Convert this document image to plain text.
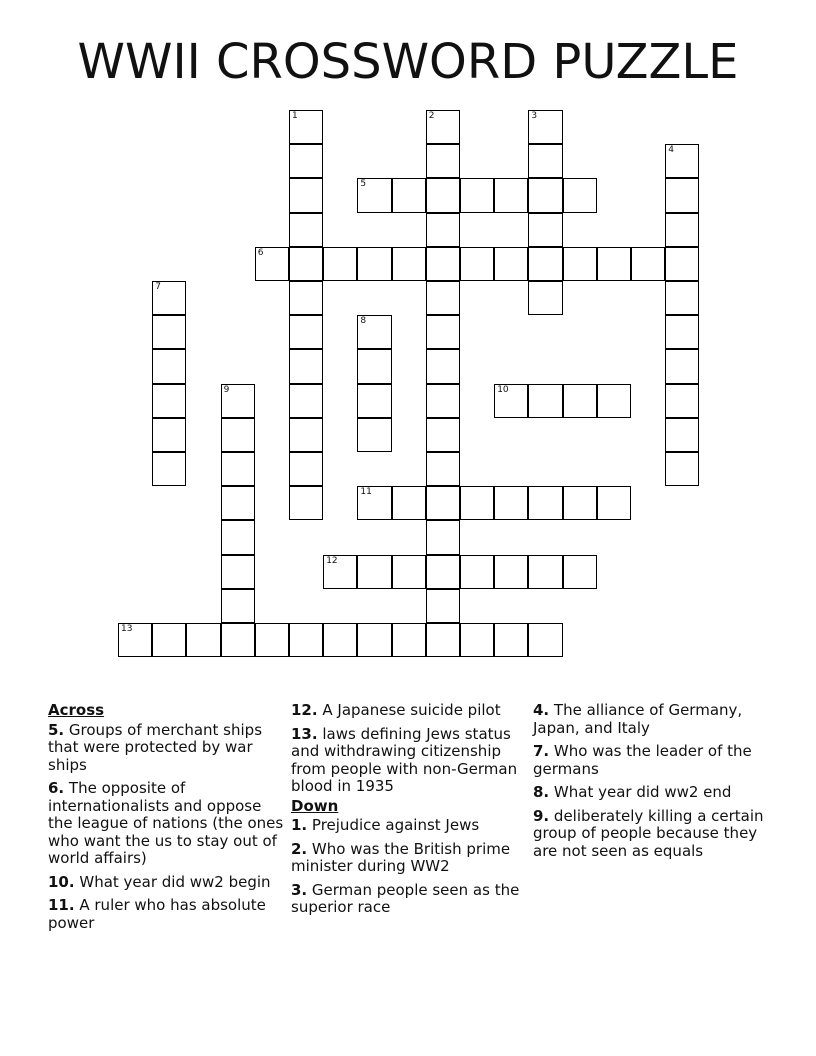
WWII CROSSWORD PUZZLE
1	2	3
4
5
6
7
8
9	10
11
12
13
Across

5. Groups of merchant ships that were protected by war ships

6. The opposite of internationalists and oppose the league of nations (the ones who want the us to stay out of world affairs)

10. What year did ww2 begin

11. A ruler who has absolute power

12. A Japanese suicide pilot

13. laws defining Jews status and withdrawing citizenship from people with non-German blood in 1935

Down

1. Prejudice against Jews

2. Who was the British prime minister during WW2

3. German people seen as the superior race

4. The alliance of Germany, Japan, and Italy

7. Who was the leader of the germans

8. What year did ww2 end

9. deliberately killing a certain group of people because they are not seen as equals
